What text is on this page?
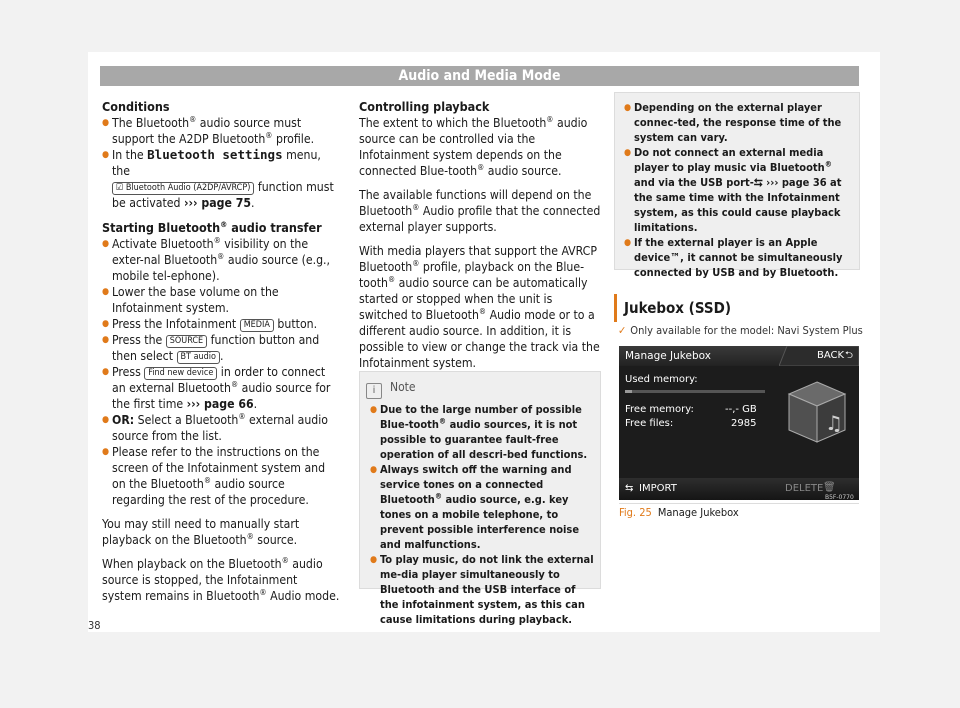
Audio and Media Mode
Conditions

● The Bluetooth® audio source must support the A2DP Bluetooth® profile.

● In the Bluetooth settings menu, the
☑ Bluetooth Audio (A2DP/AVRCP) function must be activated ››› page 75.

Starting Bluetooth® audio transfer

● Activate Bluetooth® visibility on the exter-nal Bluetooth® audio source (e.g., mobile tel-ephone).

● Lower the base volume on the Infotainment system.

● Press the Infotainment MEDIA button.

● Press the SOURCE function button and then select BT audio .

● Press Find new device in order to connect an external Bluetooth® audio source for the first time ››› page 66.

● OR: Select a Bluetooth® external audio source from the list.

● Please refer to the instructions on the screen of the Infotainment system and on the Bluetooth® audio source regarding the rest of the procedure.

You may still need to manually start playback on the Bluetooth® source.

When playback on the Bluetooth® audio source is stopped, the Infotainment system remains in Bluetooth® Audio mode.

Controlling playback

The extent to which the Bluetooth® audio source can be controlled via the Infotainment system depends on the connected Blue-tooth® audio source.

The available functions will depend on the Bluetooth® Audio profile that the connected external player supports.

With media players that support the AVRCP Bluetooth® profile, playback on the Blue-tooth® audio source can be automatically started or stopped when the unit is switched to Bluetooth® Audio mode or to a different audio source. In addition, it is possible to view or change the track via the Infotainment system.

i Note

● Due to the large number of possible Blue-tooth® audio sources, it is not possible to guarantee fault-free operation of all descri-bed functions.

● Always switch off the warning and service tones on a connected Bluetooth® audio source, e.g. key tones on a mobile telephone, to prevent possible interference noise and malfunctions.

● To play music, do not link the external me-dia player simultaneously to Bluetooth and the USB interface of the infotainment system, as this can cause limitations during playback.

● Depending on the external player connec-ted, the response time of the system can vary.

● Do not connect an external media player to play music via Bluetooth® and via the USB port-⮀ ››› page 36 at the same time with the Infotainment system, as this could cause playback limitations.

● If the external player is an Apple device™, it cannot be simultaneously connected by USB and by Bluetooth.

Jukebox (SSD)
✓ Only available for the model: Navi System Plus
Manage Jukebox	BACK ⮌
Used memory:
Free memory:	--,- GB
Free files:	2985	♫
⇆ IMPORT	DELETE 🗑
B5F-0770
Fig. 25 Manage Jukebox
38
